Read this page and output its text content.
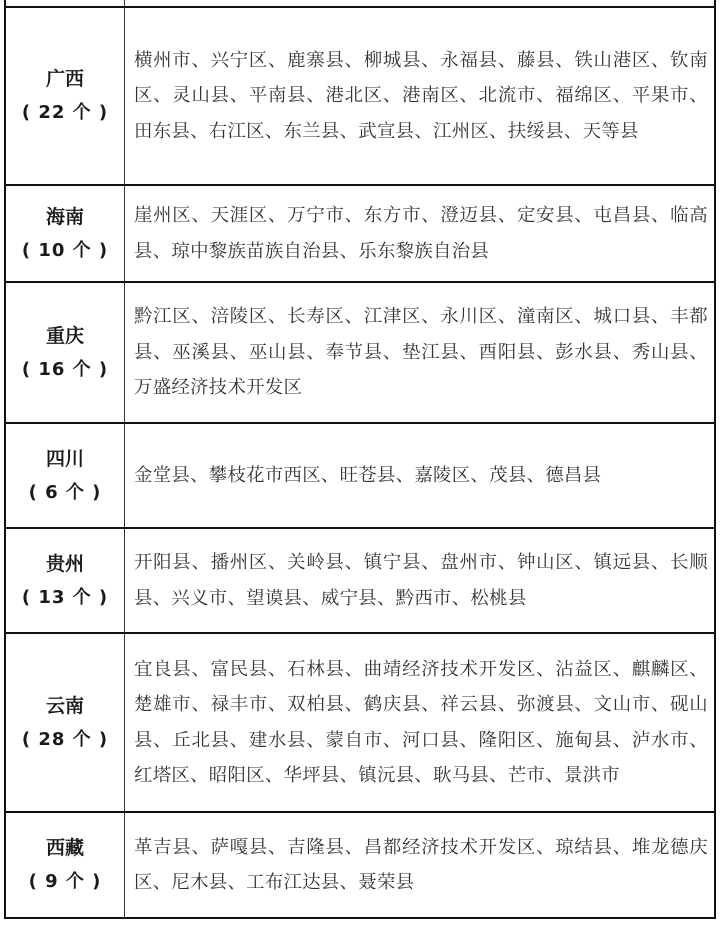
广西
( 22 个 )
横州市、兴宁区、鹿寨县、柳城县、永福县、藤县、铁山港区、钦南区、灵山县、平南县、港北区、港南区、北流市、福绵区、平果市、田东县、右江区、东兰县、武宣县、江州区、扶绥县、天等县
海南
( 10 个 )
崖州区、天涯区、万宁市、东方市、澄迈县、定安县、屯昌县、临高县、琼中黎族苗族自治县、乐东黎族自治县
重庆
( 16 个 )
黔江区、涪陵区、长寿区、江津区、永川区、潼南区、城口县、丰都县、巫溪县、巫山县、奉节县、垫江县、酉阳县、彭水县、秀山县、万盛经济技术开发区
四川
( 6 个 )
金堂县、攀枝花市西区、旺苍县、嘉陵区、茂县、德昌县
贵州
( 13 个 )
开阳县、播州区、关岭县、镇宁县、盘州市、钟山区、镇远县、长顺县、兴义市、望谟县、威宁县、黔西市、松桃县
云南
( 28 个 )
宜良县、富民县、石林县、曲靖经济技术开发区、沾益区、麒麟区、楚雄市、禄丰市、双柏县、鹤庆县、祥云县、弥渡县、文山市、砚山县、丘北县、建水县、蒙自市、河口县、隆阳区、施甸县、泸水市、红塔区、昭阳区、华坪县、镇沅县、耿马县、芒市、景洪市
西藏
( 9 个 )
革吉县、萨嘎县、吉隆县、昌都经济技术开发区、琼结县、堆龙德庆区、尼木县、工布江达县、聂荣县
